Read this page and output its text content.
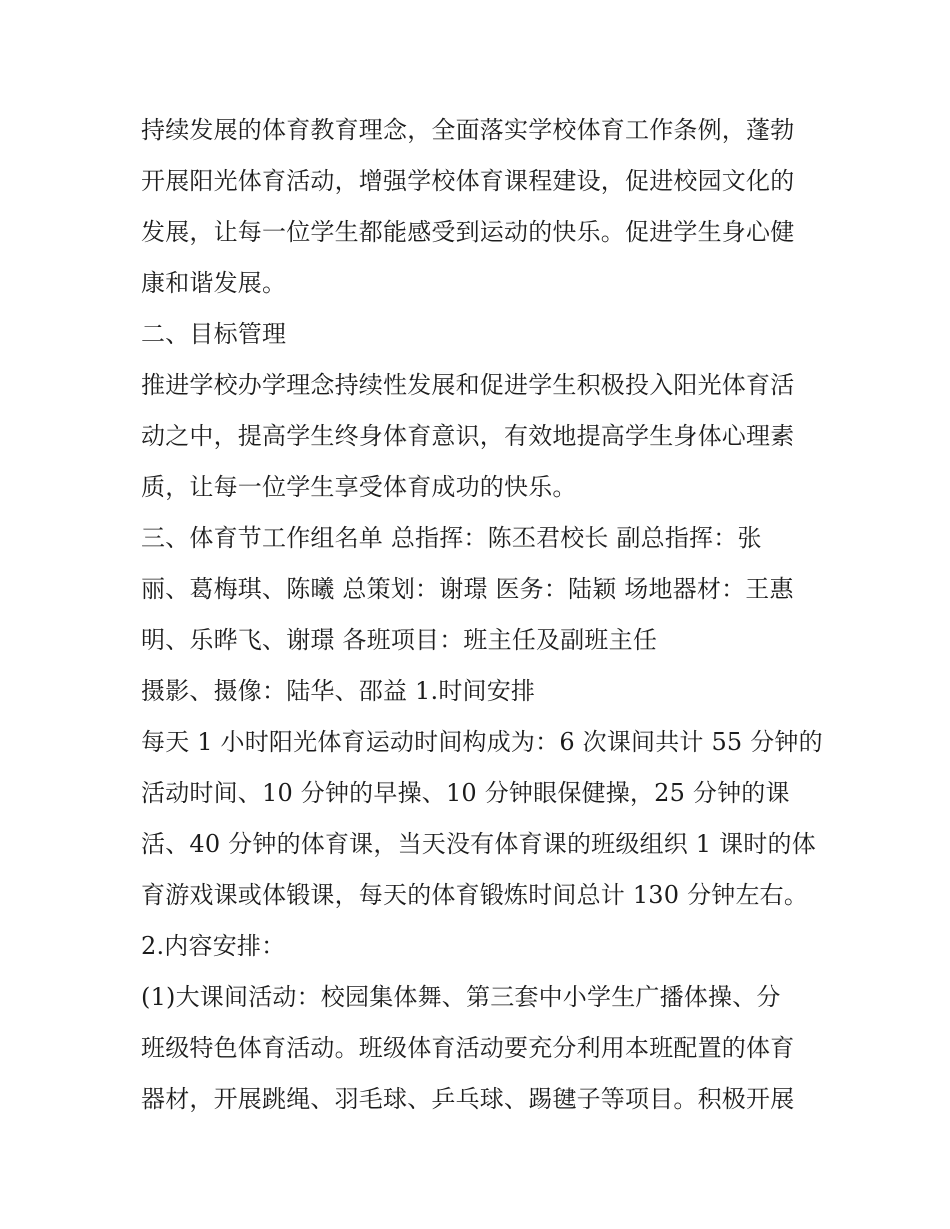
持续发展的体育教育理念，全面落实学校体育工作条例，蓬勃
开展阳光体育活动，增强学校体育课程建设，促进校园文化的
发展，让每一位学生都能感受到运动的快乐。促进学生身心健
康和谐发展。
二、目标管理
推进学校办学理念持续性发展和促进学生积极投入阳光体育活
动之中，提高学生终身体育意识，有效地提高学生身体心理素
质，让每一位学生享受体育成功的快乐。
三、体育节工作组名单 总指挥：陈丕君校长 副总指挥：张
丽、葛梅琪、陈曦 总策划：谢璟 医务：陆颖 场地器材：王惠
明、乐晔飞、谢璟 各班项目：班主任及副班主任
摄影、摄像：陆华、邵益 1.时间安排
每天 1 小时阳光体育运动时间构成为：6 次课间共计 55 分钟的
活动时间、10 分钟的早操、10 分钟眼保健操，25 分钟的课
活、40 分钟的体育课，当天没有体育课的班级组织 1 课时的体
育游戏课或体锻课，每天的体育锻炼时间总计 130 分钟左右。
2.内容安排：
(1)大课间活动：校园集体舞、第三套中小学生广播体操、分
班级特色体育活动。班级体育活动要充分利用本班配置的体育
器材，开展跳绳、羽毛球、乒乓球、踢毽子等项目。积极开展
